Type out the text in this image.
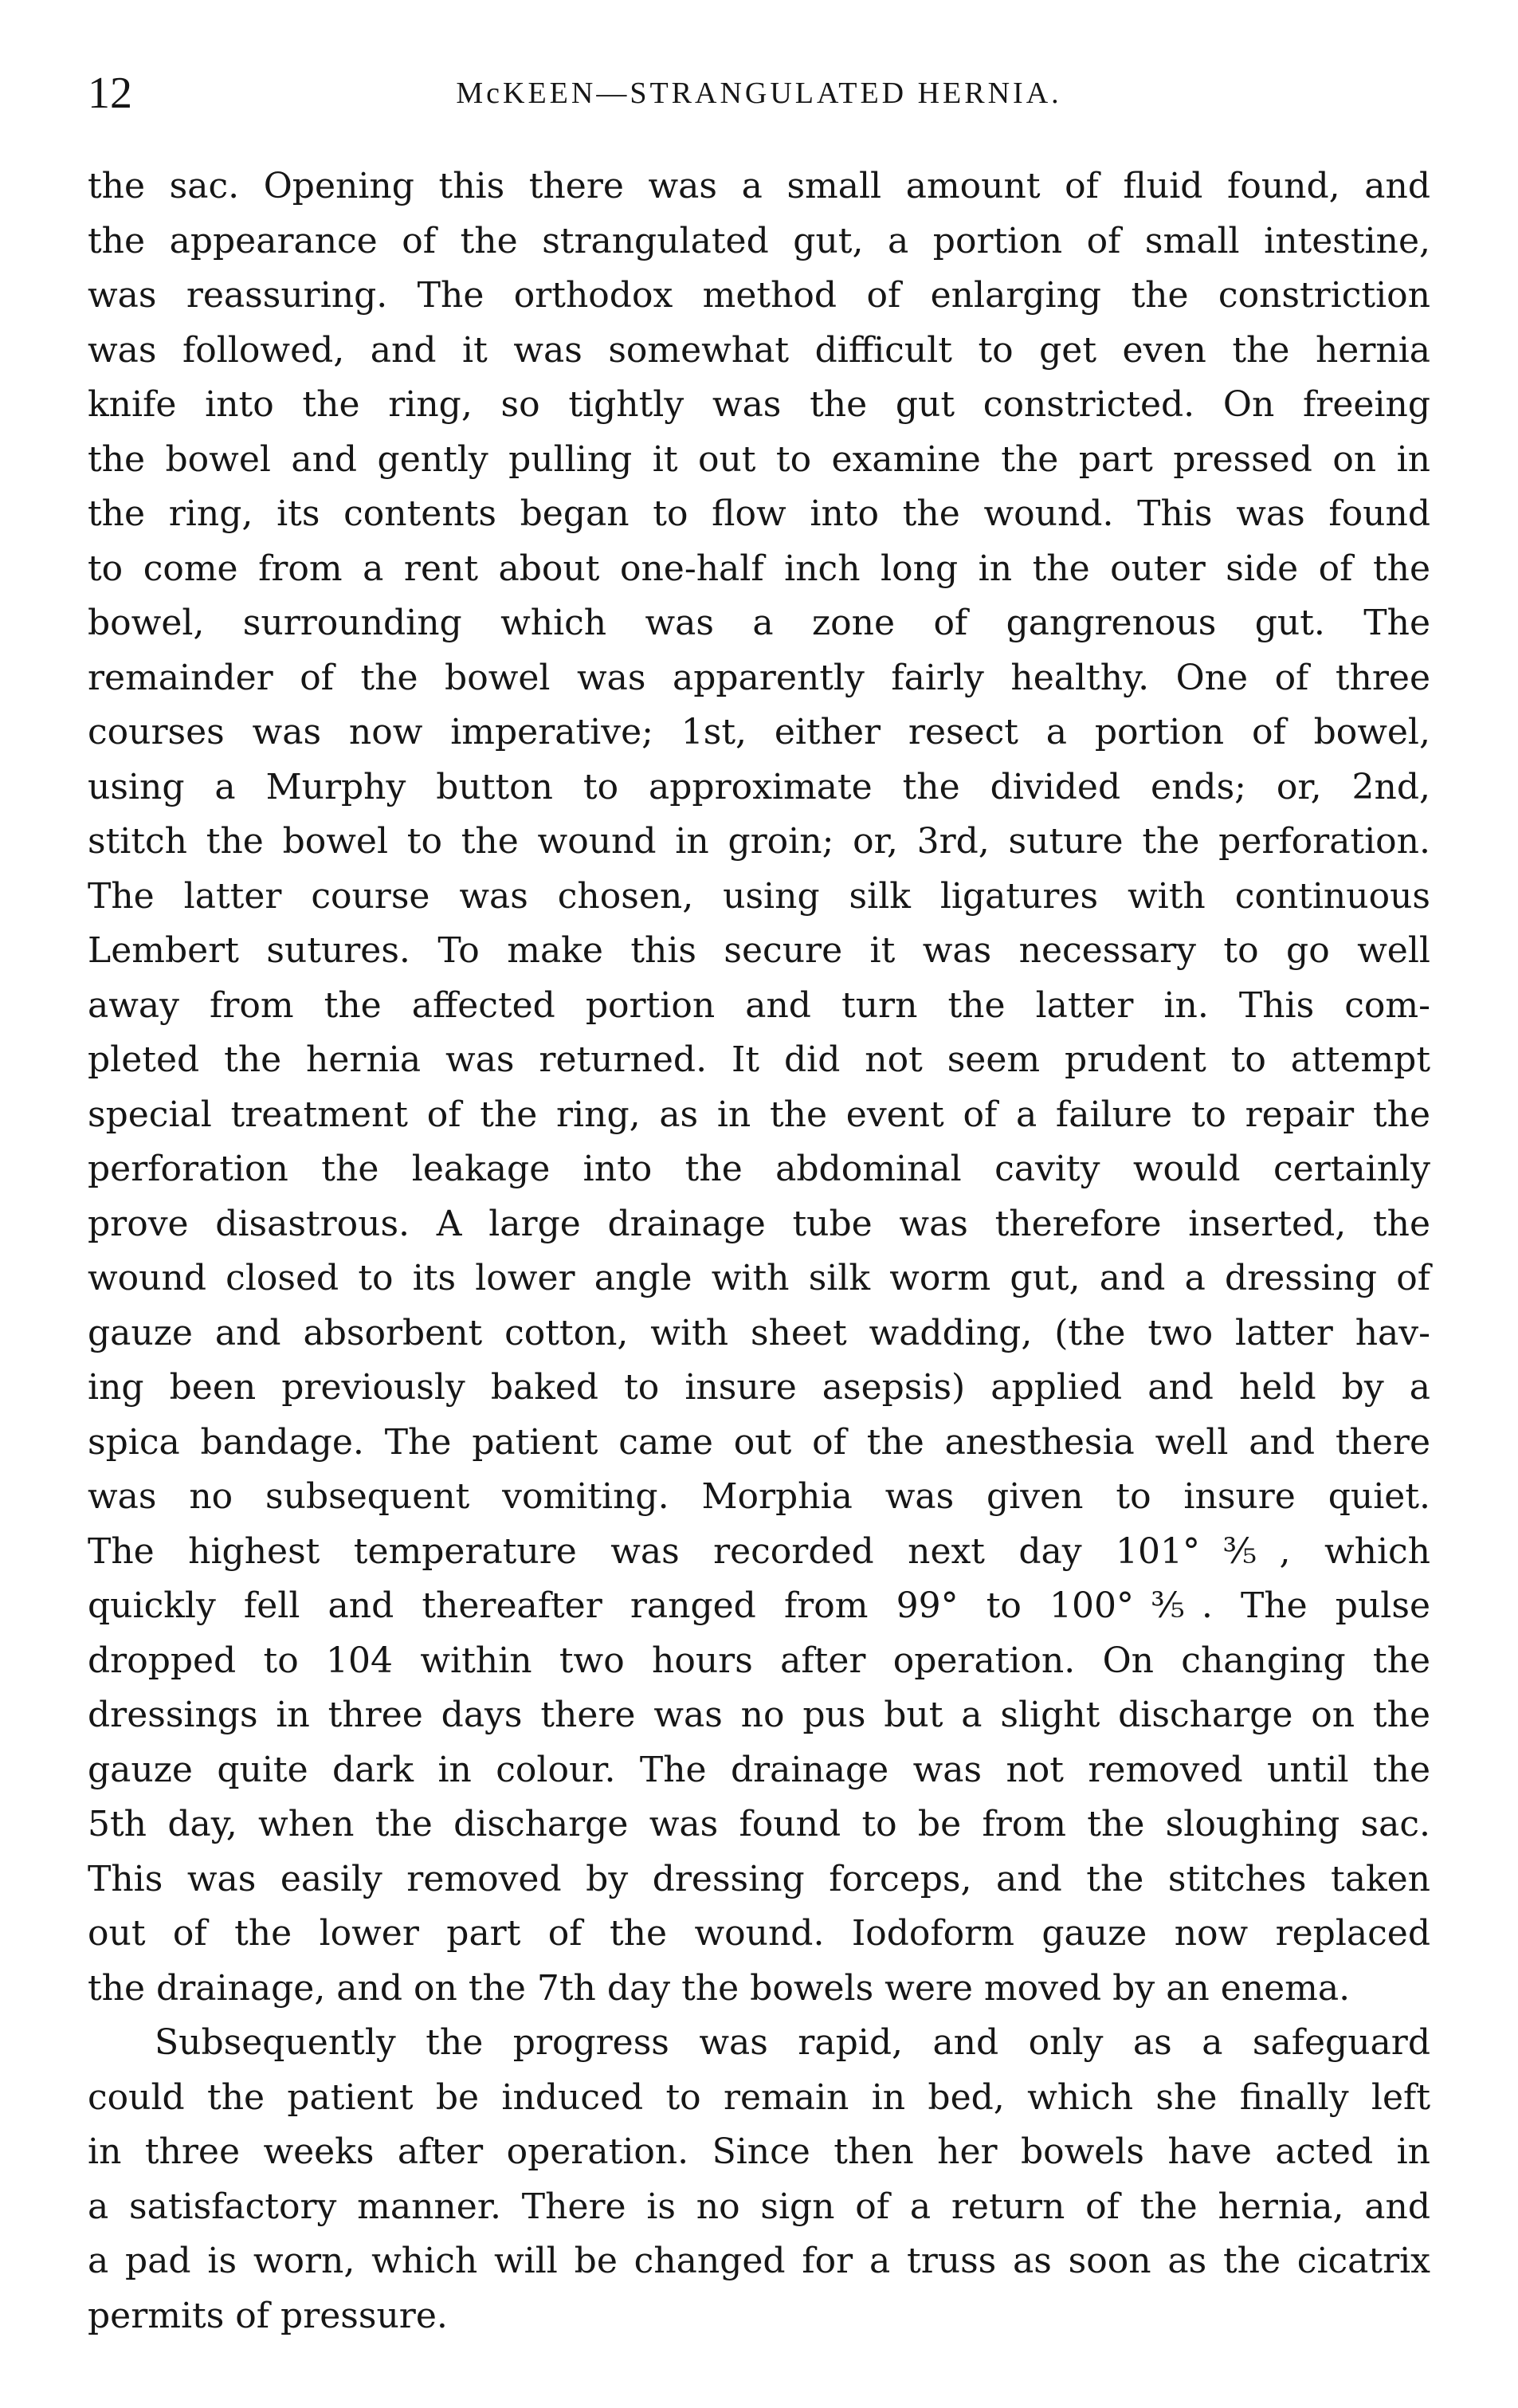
12	McKEEN—STRANGULATED HERNIA.
the sac. Opening this there was a small amount of fluid found, and
the appearance of the strangulated gut, a portion of small intestine,
was reassuring. The orthodox method of enlarging the constriction
was followed, and it was somewhat difficult to get even the hernia
knife into the ring, so tightly was the gut constricted. On freeing
the bowel and gently pulling it out to examine the part pressed on in
the ring, its contents began to flow into the wound. This was found
to come from a rent about one-half inch long in the outer side of the
bowel, surrounding which was a zone of gangrenous gut. The
remainder of the bowel was apparently fairly healthy. One of three
courses was now imperative; 1st, either resect a portion of bowel,
using a Murphy button to approximate the divided ends; or, 2nd,
stitch the bowel to the wound in groin; or, 3rd, suture the perforation.
The latter course was chosen, using silk ligatures with continuous
Lembert sutures. To make this secure it was necessary to go well
away from the affected portion and turn the latter in. This com-
pleted the hernia was returned. It did not seem prudent to attempt
special treatment of the ring, as in the event of a failure to repair the
perforation the leakage into the abdominal cavity would certainly
prove disastrous. A large drainage tube was therefore inserted, the
wound closed to its lower angle with silk worm gut, and a dressing of
gauze and absorbent cotton, with sheet wadding, (the two latter hav-
ing been previously baked to insure asepsis) applied and held by a
spica bandage. The patient came out of the anesthesia well and there
was no subsequent vomiting. Morphia was given to insure quiet.
The highest temperature was recorded next day 101°⅗, which
quickly fell and thereafter ranged from 99° to 100°⅗. The pulse
dropped to 104 within two hours after operation. On changing the
dressings in three days there was no pus but a slight discharge on the
gauze quite dark in colour. The drainage was not removed until the
5th day, when the discharge was found to be from the sloughing sac.
This was easily removed by dressing forceps, and the stitches taken
out of the lower part of the wound. Iodoform gauze now replaced
the drainage, and on the 7th day the bowels were moved by an enema.
Subsequently the progress was rapid, and only as a safeguard
could the patient be induced to remain in bed, which she finally left
in three weeks after operation. Since then her bowels have acted in
a satisfactory manner. There is no sign of a return of the hernia, and
a pad is worn, which will be changed for a truss as soon as the cicatrix
permits of pressure.
